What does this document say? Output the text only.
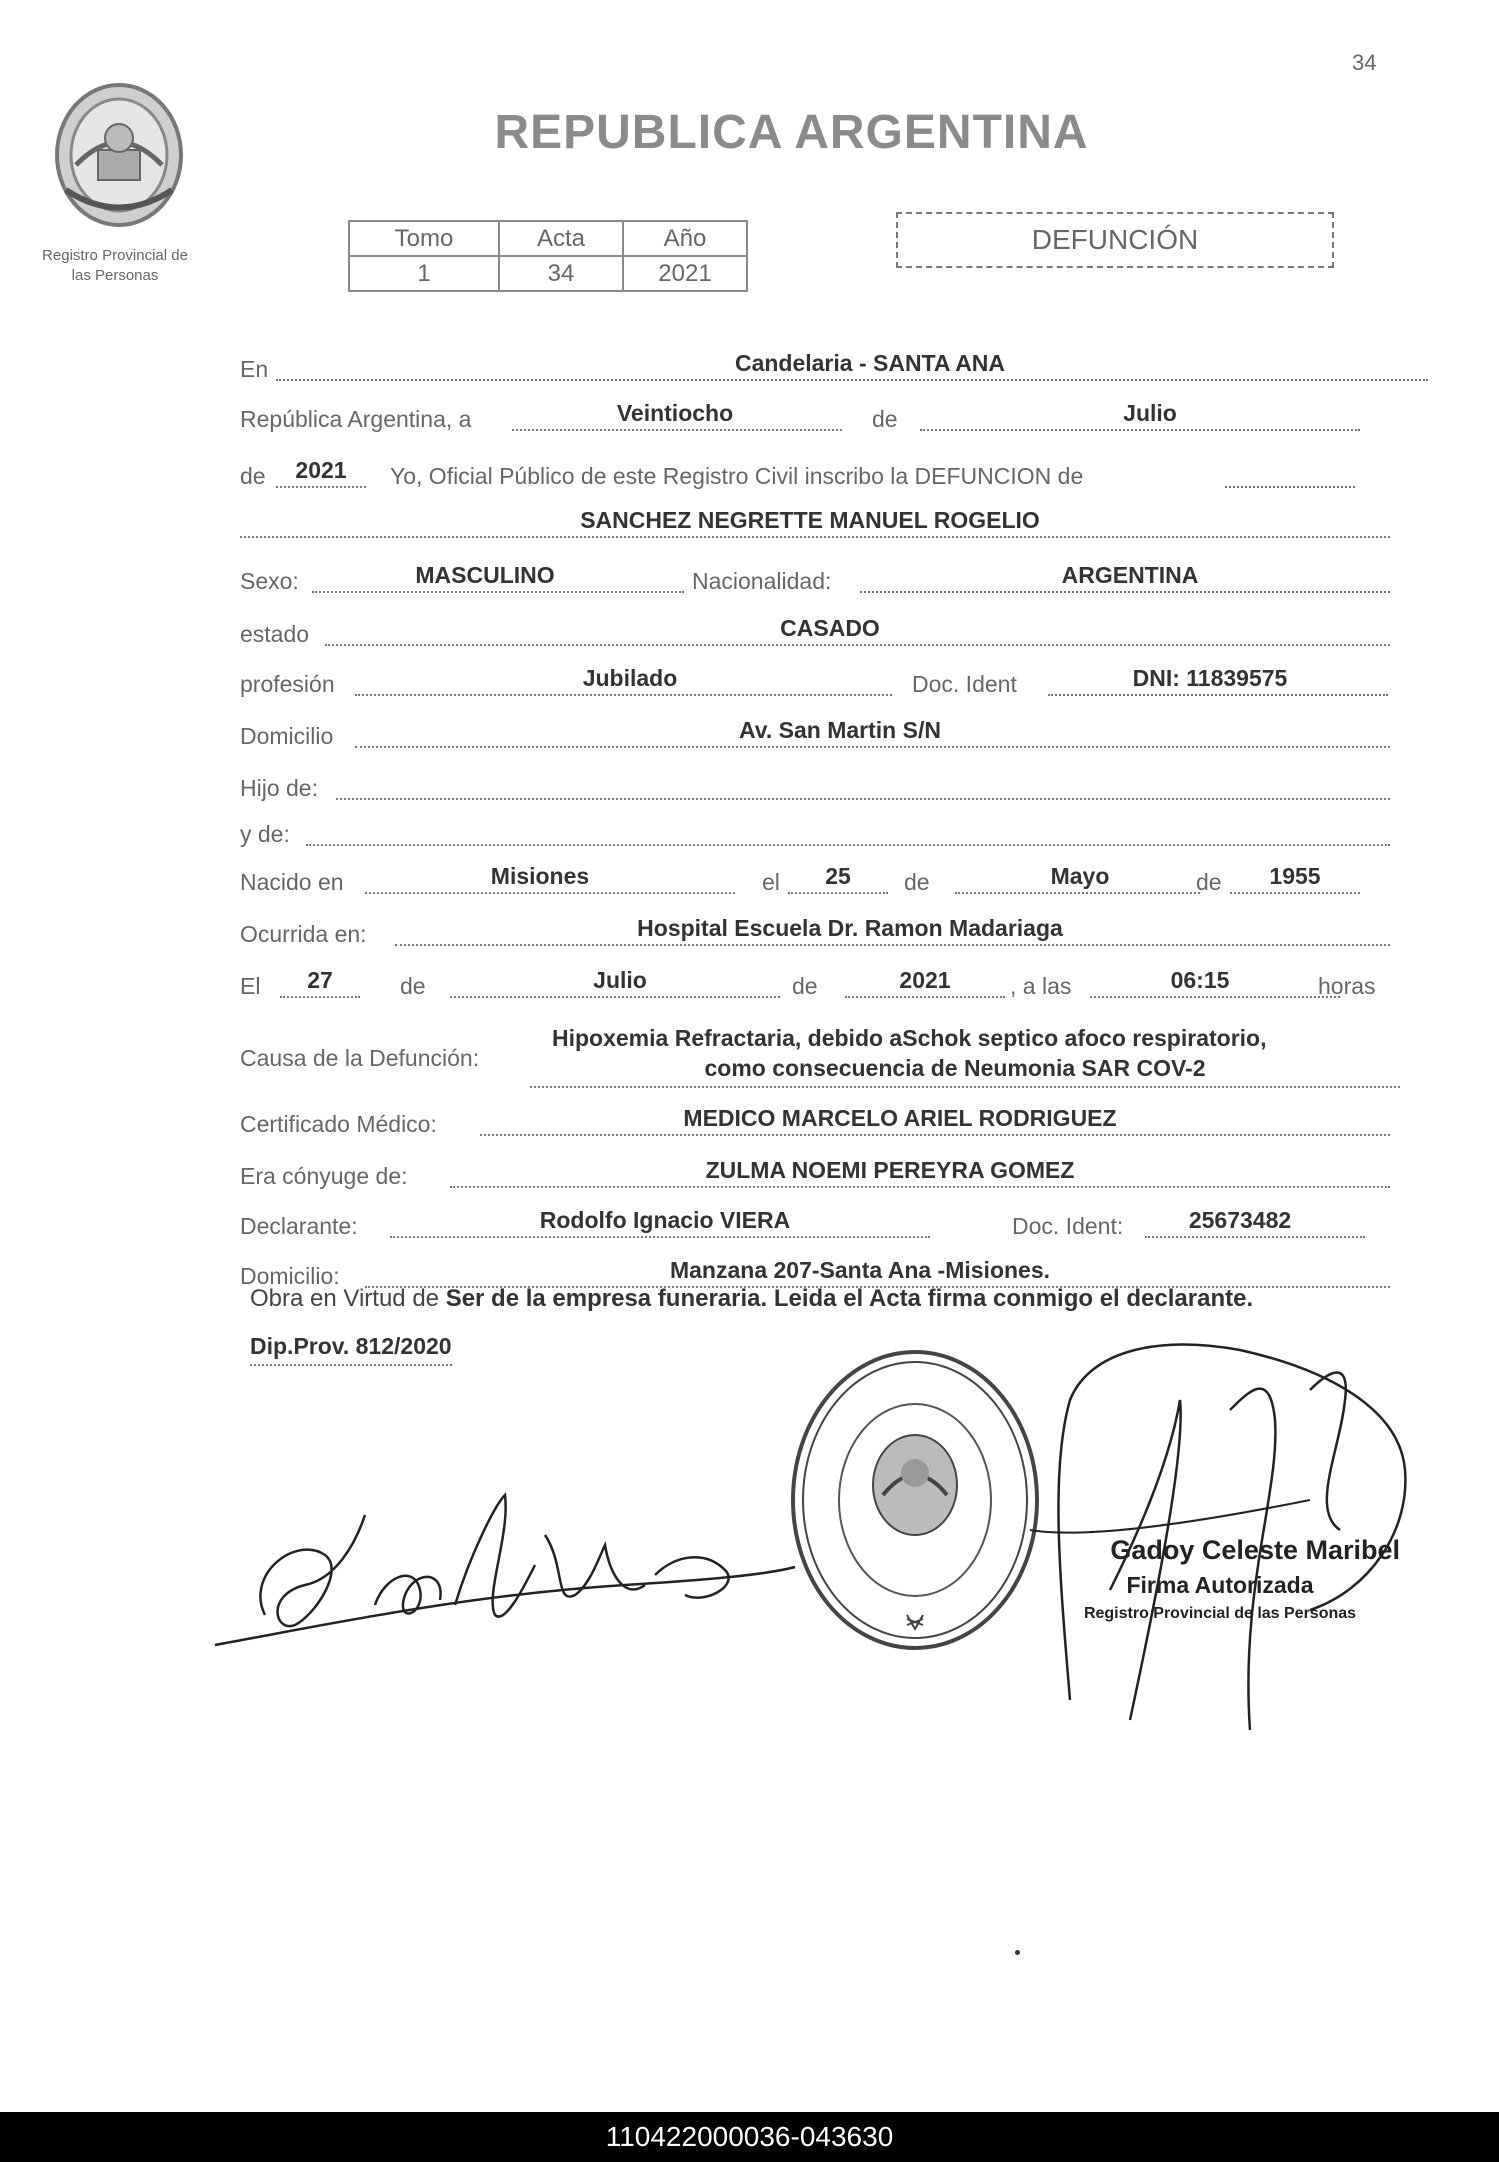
34
Registro Provincial de
las Personas
REPUBLICA ARGENTINA
Tomo	Acta	Año
1	34	2021
DEFUNCIÓN
En	Candelaria - SANTA ANA
República Argentina, a	Veintiocho	de	Julio
de	2021	Yo, Oficial Público de este Registro Civil inscribo la DEFUNCION de
SANCHEZ NEGRETTE MANUEL ROGELIO
Sexo:	MASCULINO	Nacionalidad:	ARGENTINA
estado	CASADO
profesión	Jubilado	Doc. Ident	DNI: 11839575
Domicilio	Av. San Martin S/N
Hijo de:
y de:
Nacido en	Misiones	el	25	de	Mayo	de	1955
Ocurrida en:	Hospital Escuela Dr. Ramon Madariaga
El	27	de	Julio	de	2021	, a las	06:15	horas
Causa de la Defunción:
Hipoxemia Refractaria, debido aSchok septico afoco respiratorio,
como consecuencia de Neumonia SAR COV-2
Certificado Médico:	MEDICO MARCELO ARIEL RODRIGUEZ
Era cónyuge de:	ZULMA NOEMI PEREYRA GOMEZ
Declarante:	Rodolfo Ignacio VIERA	Doc. Ident:	25673482
Domicilio:	Manzana 207-Santa Ana -Misiones.
Obra en Virtud de Ser de la empresa funeraria. Leida el Acta firma conmigo el declarante.
Dip.Prov. 812/2020
Gadoy Celeste Maribel
Firma Autorizada
Registro Provincial de las Personas
110422000036-043630
